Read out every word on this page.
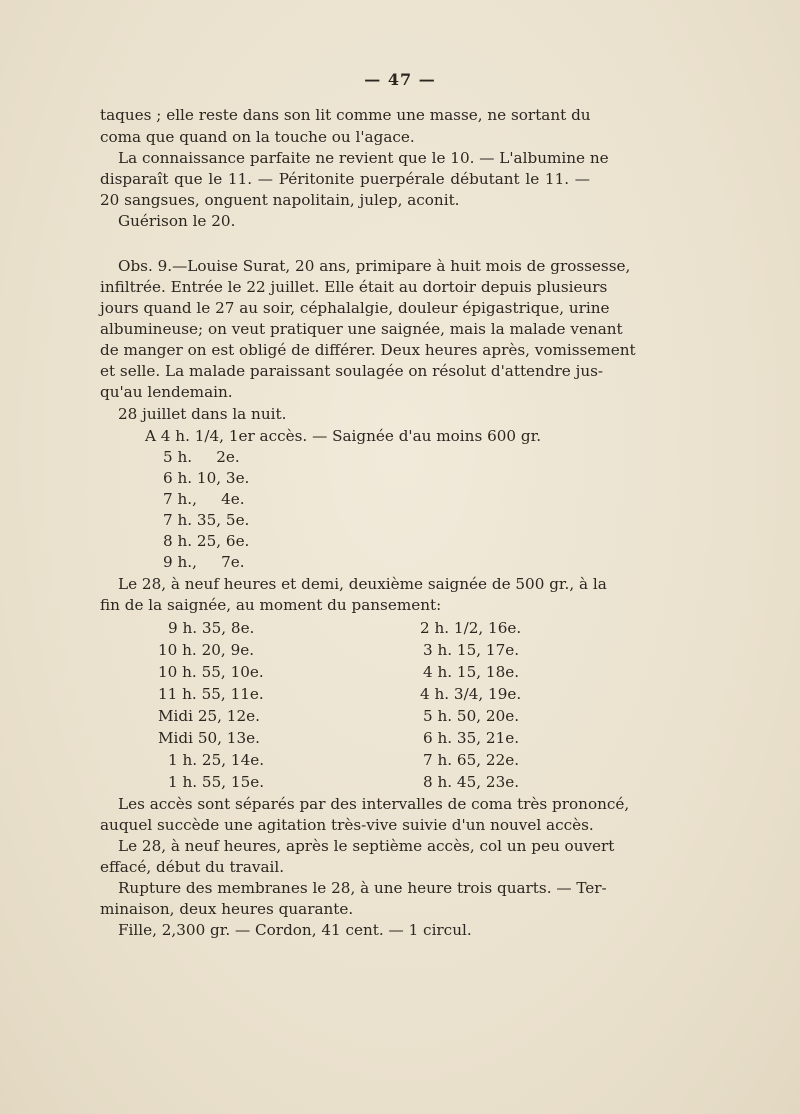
— 47 —
taques ; elle reste dans son lit comme une masse, ne sortant du
coma que quand on la touche ou l'agace.
La connaissance parfaite ne revient que le 10. — L'albumine ne
disparaît que le 11. — Péritonite puerpérale débutant le 11. —
20 sangsues, onguent napolitain, julep, aconit.
Guérison le 20.
Obs. 9.—Louise Surat, 20 ans, primipare à huit mois de grossesse,
infiltrée. Entrée le 22 juillet. Elle était au dortoir depuis plusieurs
jours quand le 27 au soir, céphalalgie, douleur épigastrique, urine
albumineuse; on veut pratiquer une saignée, mais la malade venant
de manger on est obligé de différer. Deux heures après, vomissement
et selle. La malade paraissant soulagée on résolut d'attendre jus-
qu'au lendemain.
28 juillet dans la nuit.
A 4 h. 1/4, 1er accès. — Saignée d'au moins 600 gr.
5 h.     2e.
6 h. 10, 3e.
7 h.,     4e.
7 h. 35, 5e.
8 h. 25, 6e.
9 h.,     7e.
Le 28, à neuf heures et demi, deuxième saignée de 500 gr., à la
fin de la saignée, au moment du pansement:
9 h. 35, 8e.
10 h. 20, 9e.
10 h. 55, 10e.
11 h. 55, 11e.
Midi 25, 12e.
Midi 50, 13e.
1 h. 25, 14e.
1 h. 55, 15e.
2 h. 1/2, 16e.
3 h. 15, 17e.
4 h. 15, 18e.
4 h. 3/4, 19e.
5 h. 50, 20e.
6 h. 35, 21e.
7 h. 65, 22e.
8 h. 45, 23e.
Les accès sont séparés par des intervalles de coma très prononcé,
auquel succède une agitation très-vive suivie d'un nouvel accès.
Le 28, à neuf heures, après le septième accès, col un peu ouvert
effacé, début du travail.
Rupture des membranes le 28, à une heure trois quarts. — Ter-
minaison, deux heures quarante.
Fille, 2,300 gr. — Cordon, 41 cent. — 1 circul.
